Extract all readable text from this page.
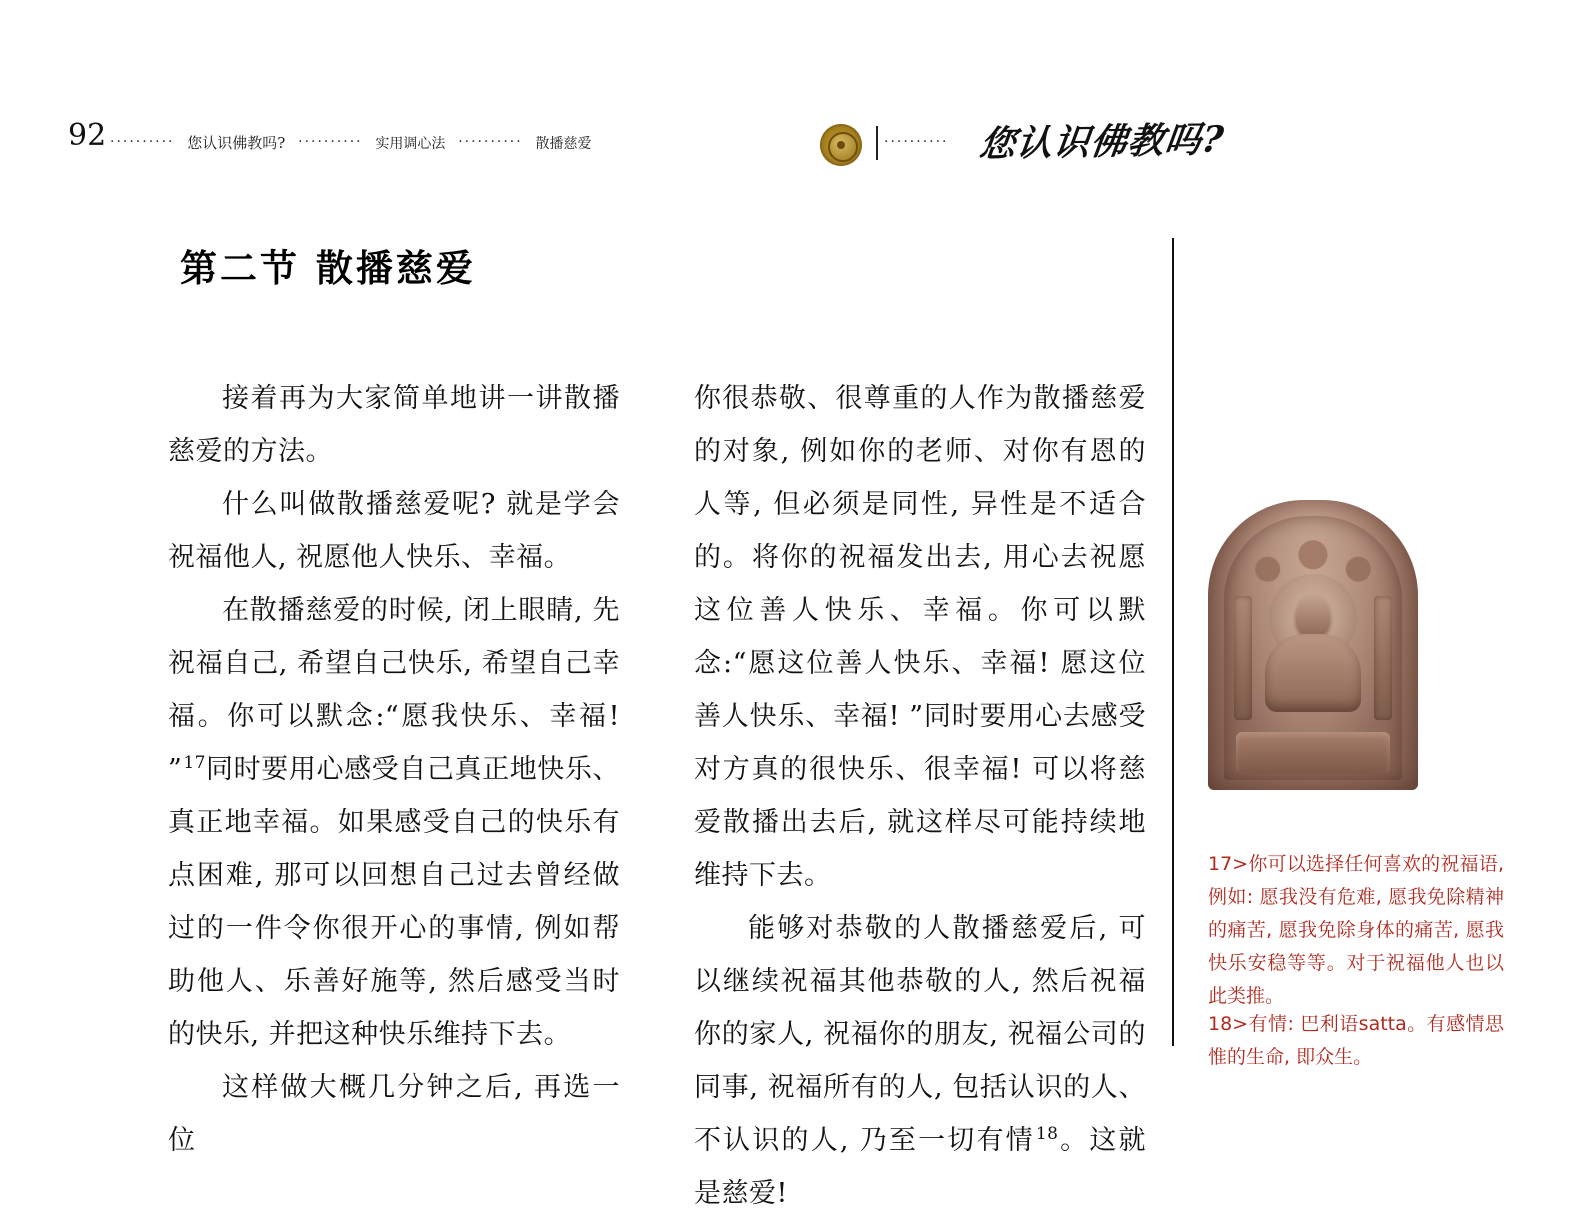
92 ·········· 您认识佛教吗? ·········· 实用调心法 ·········· 散播慈爱	·········· 您认识佛教吗?
第二节 散播慈爱

接着再为大家简单地讲一讲散播慈爱的方法。

什么叫做散播慈爱呢? 就是学会祝福他人, 祝愿他人快乐、幸福。

在散播慈爱的时候, 闭上眼睛, 先祝福自己, 希望自己快乐, 希望自己幸福。你可以默念:“愿我快乐、幸福! ”$^{17}$同时要用心感受自己真正地快乐、真正地幸福。如果感受自己的快乐有点困难, 那可以回想自己过去曾经做过的一件令你很开心的事情, 例如帮助他人、乐善好施等, 然后感受当时的快乐, 并把这种快乐维持下去。

这样做大概几分钟之后, 再选一位

你很恭敬、很尊重的人作为散播慈爱的对象, 例如你的老师、对你有恩的人等, 但必须是同性, 异性是不适合的。将你的祝福发出去, 用心去祝愿这位善人快乐、幸福。你可以默念:“愿这位善人快乐、幸福! 愿这位善人快乐、幸福! ”同时要用心去感受对方真的很快乐、很幸福! 可以将慈爱散播出去后, 就这样尽可能持续地维持下去。

能够对恭敬的人散播慈爱后, 可以继续祝福其他恭敬的人, 然后祝福你的家人, 祝福你的朋友, 祝福公司的同事, 祝福所有的人, 包括认识的人、不认识的人, 乃至一切有情$^{18}$。这就是慈爱!

17>你可以选择任何喜欢的祝福语, 例如: 愿我没有危难, 愿我免除精神的痛苦, 愿我免除身体的痛苦, 愿我快乐安稳等等。对于祝福他人也以此类推。
18>有情: 巴利语satta。有感情思惟的生命, 即众生。
